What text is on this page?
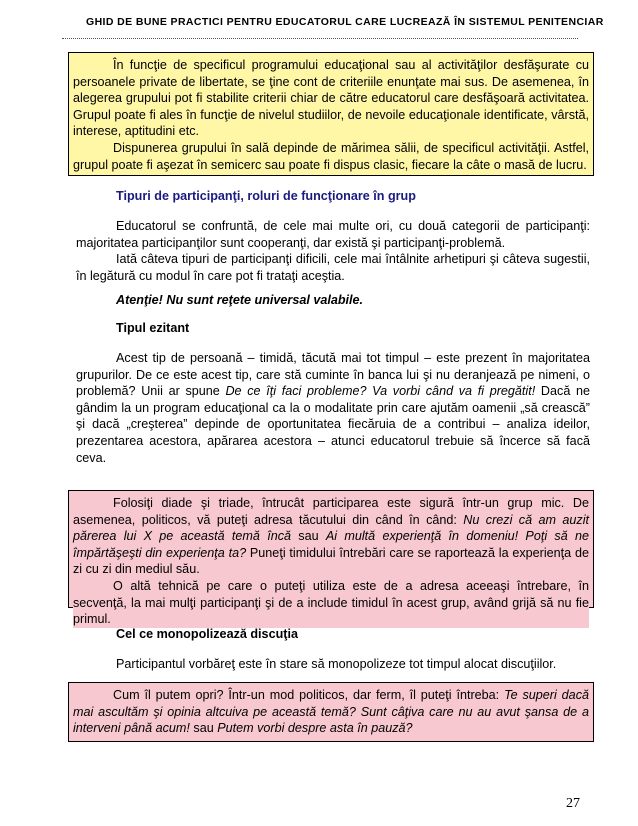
GHID DE BUNE PRACTICI PENTRU EDUCATORUL CARE LUCREAZĂ ÎN SISTEMUL PENITENCIAR

În funcţie de specificul programului educaţional sau al activităţilor desfăşurate cu persoanele private de libertate, se ţine cont de criteriile enunţate mai sus. De asemenea, în alegerea grupului pot fi stabilite criterii chiar de către educatorul care desfăşoară activitatea. Grupul poate fi ales în funcţie de nivelul studiilor, de nevoile educaţionale identificate, vârstă, interese, aptitudini etc.

Dispunerea grupului în sală depinde de mărimea sălii, de specificul activităţii. Astfel, grupul poate fi aşezat în semicerc sau poate fi dispus clasic, fiecare la câte o masă de lucru.

Tipuri de participanţi, roluri de funcţionare în grup

Educatorul se confruntă, de cele mai multe ori, cu două categorii de participanţi: majoritatea participanţilor sunt cooperanţi, dar există şi participanţi-problemă.

Iată câteva tipuri de participanţi dificili, cele mai întâlnite arhetipuri şi câteva sugestii, în legătură cu modul în care pot fi trataţi aceştia.

Atenţie! Nu sunt reţete universal valabile.

Tipul ezitant

Acest tip de persoană – timidă, tăcută mai tot timpul – este prezent în majoritatea grupurilor. De ce este acest tip, care stă cuminte în banca lui şi nu deranjează pe nimeni, o problemă? Unii ar spune De ce îţi faci probleme? Va vorbi când va fi pregătit! Dacă ne gândim la un program educaţional ca la o modalitate prin care ajutăm oamenii „să crească” şi dacă „creşterea” depinde de oportunitatea fiecăruia de a contribui – analiza ideilor, prezentarea acestora, apărarea acestora – atunci educatorul trebuie să încerce să facă ceva.

Folosiţi diade şi triade, întrucât participarea este sigură într-un grup mic. De asemenea, politicos, vă puteţi adresa tăcutului din când în când: Nu crezi că am auzit părerea lui X pe această temă încă sau Ai multă experienţă în domeniu! Poţi să ne împărtăşeşti din experienţa ta? Puneţi timidului întrebări care se raportează la experienţa de zi cu zi din mediul său.

O altă tehnică pe care o puteţi utiliza este de a adresa aceeaşi întrebare, în secvenţă, la mai mulţi participanţi şi de a include timidul în acest grup, având grijă să nu fie primul.

Cel ce monopolizează discuţia

Participantul vorbăreţ este în stare să monopolizeze tot timpul alocat discuţiilor.

Cum îl putem opri? Într-un mod politicos, dar ferm, îl puteţi întreba: Te superi dacă mai ascultăm şi opinia altcuiva pe această temă? Sunt câţiva care nu au avut şansa de a interveni până acum! sau Putem vorbi despre asta în pauză?

27
